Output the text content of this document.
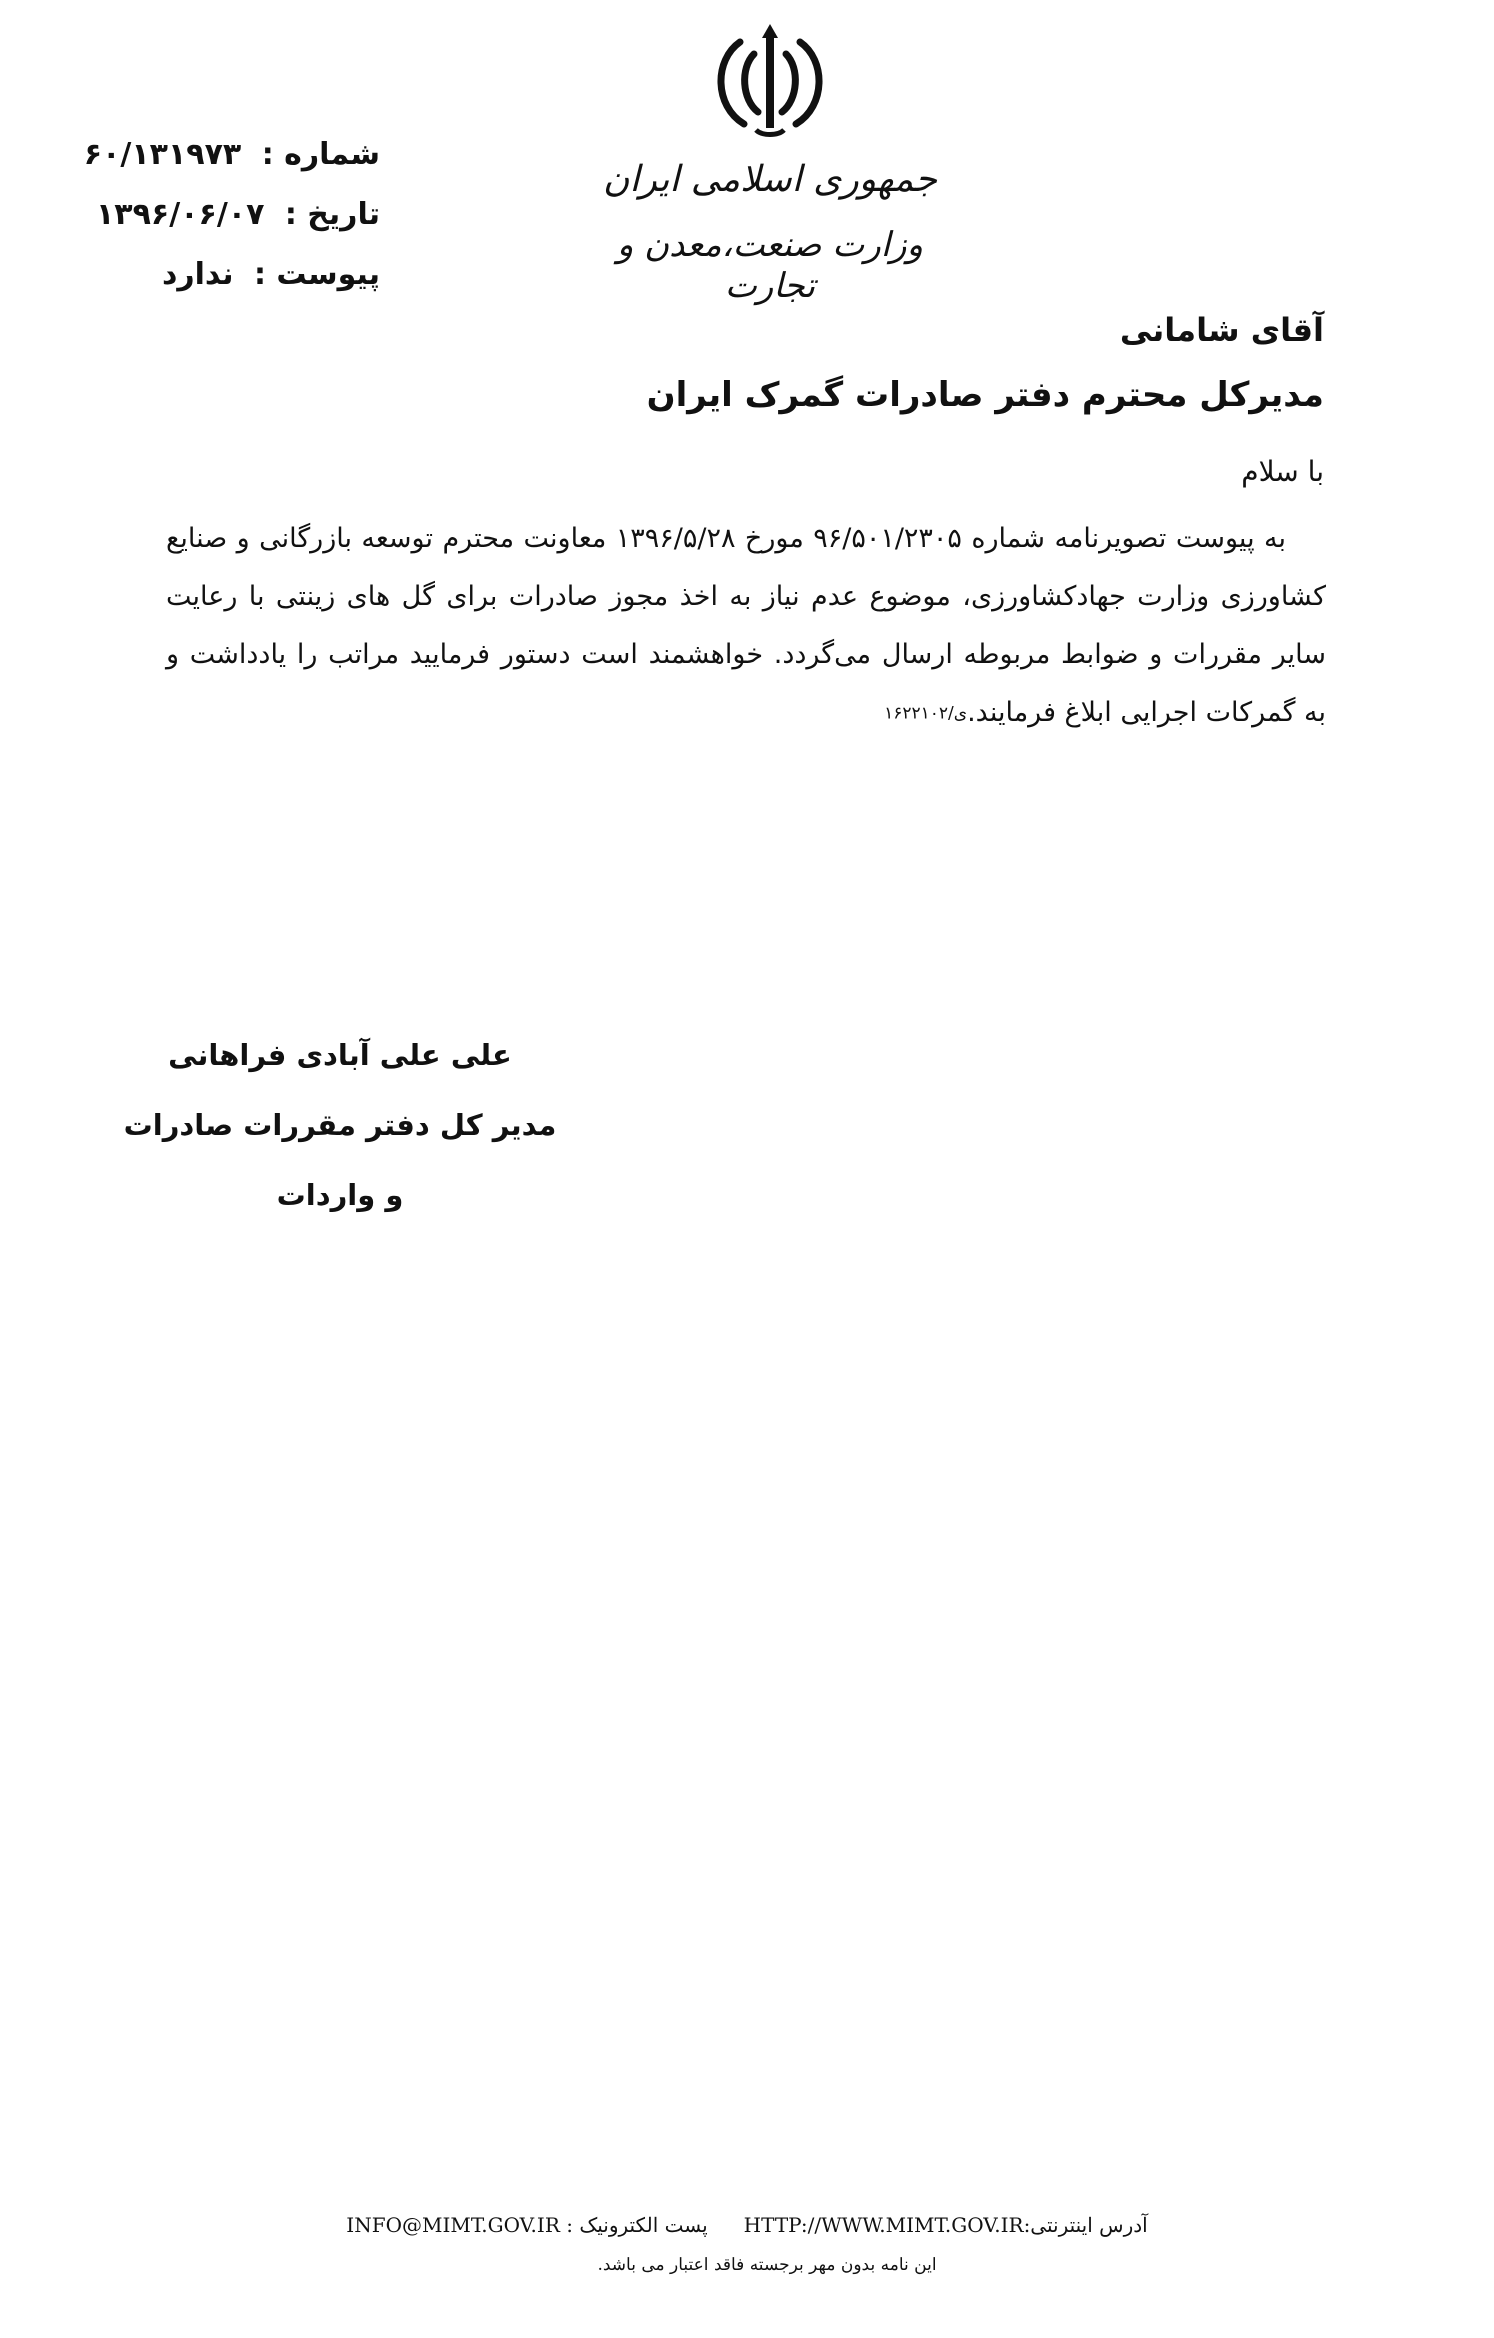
جمهوری اسلامی ایران
وزارت صنعت،معدن و تجارت
شماره : ۶۰/۱۳۱۹۷۳
تاریخ : ۱۳۹۶/۰۶/۰۷
پیوست : ندارد
آقای شامانی
مدیرکل محترم دفتر صادرات گمرک ایران
با سلام

به پیوست تصویرنامه شماره ۹۶/۵۰۱/۲۳۰۵ مورخ ۱۳۹۶/۵/۲۸ معاونت محترم توسعه بازرگانی و صنایع کشاورزی وزارت جهادکشاورزی، موضوع عدم نیاز به اخذ مجوز صادرات برای گل های زینتی با رعایت سایر مقررات و ضوابط مربوطه ارسال می‌گردد. خواهشمند است دستور فرمایید مراتب را یادداشت و به گمرکات اجرایی ابلاغ فرمایند.ی/۱۶۲۲۱۰۲

علی علی آبادی فراهانی
مدیر کل دفتر مقررات صادرات و واردات
آدرس اینترنتی:HTTP://WWW.MIMT.GOV.IR
پست الکترونیک : INFO@MIMT.GOV.IR
این نامه بدون مهر برجسته فاقد اعتبار می باشد.
